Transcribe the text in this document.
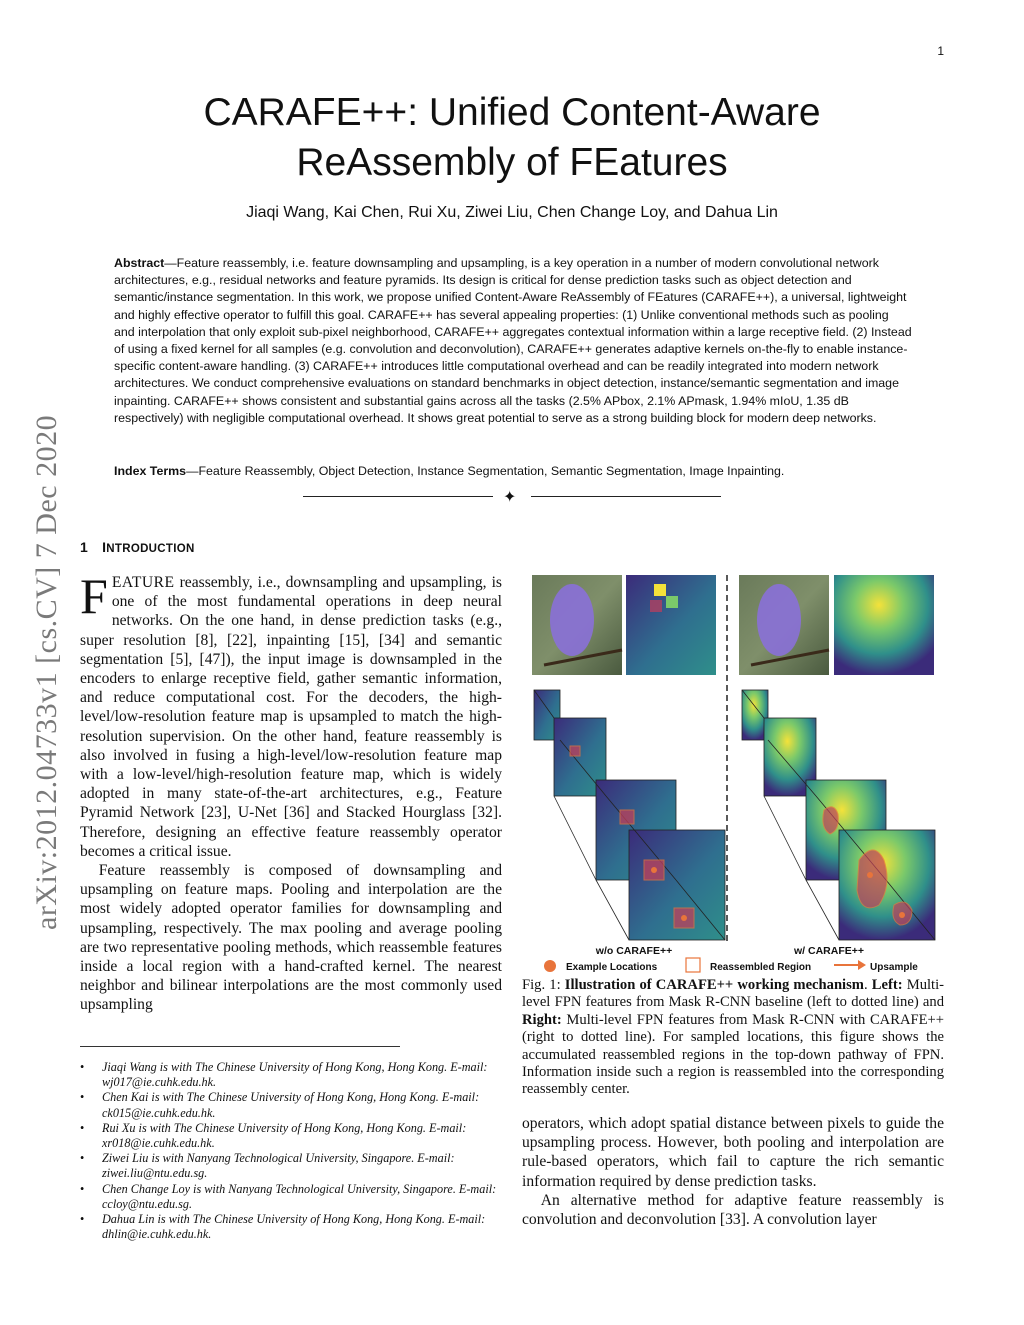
1
arXiv:2012.04733v1 [cs.CV] 7 Dec 2020
CARAFE++: Unified Content-Aware
ReAssembly of FEatures
Jiaqi Wang, Kai Chen, Rui Xu, Ziwei Liu, Chen Change Loy, and Dahua Lin
Abstract—Feature reassembly, i.e. feature downsampling and upsampling, is a key operation in a number of modern convolutional network architectures, e.g., residual networks and feature pyramids. Its design is critical for dense prediction tasks such as object detection and semantic/instance segmentation. In this work, we propose unified Content-Aware ReAssembly of FEatures (CARAFE++), a universal, lightweight and highly effective operator to fulfill this goal. CARAFE++ has several appealing properties: (1) Unlike conventional methods such as pooling and interpolation that only exploit sub-pixel neighborhood, CARAFE++ aggregates contextual information within a large receptive field. (2) Instead of using a fixed kernel for all samples (e.g. convolution and deconvolution), CARAFE++ generates adaptive kernels on-the-fly to enable instance-specific content-aware handling. (3) CARAFE++ introduces little computational overhead and can be readily integrated into modern network architectures. We conduct comprehensive evaluations on standard benchmarks in object detection, instance/semantic segmentation and image inpainting. CARAFE++ shows consistent and substantial gains across all the tasks (2.5% APbox, 2.1% APmask, 1.94% mIoU, 1.35 dB respectively) with negligible computational overhead. It shows great potential to serve as a strong building block for modern deep networks.
Index Terms—Feature Reassembly, Object Detection, Instance Segmentation, Semantic Segmentation, Image Inpainting.
✦
1 INTRODUCTION

FEATURE reassembly, i.e., downsampling and upsampling, is one of the most fundamental operations in deep neural networks. On the one hand, in dense prediction tasks (e.g., super resolution [8], [22], inpainting [15], [34] and semantic segmentation [5], [47]), the input image is downsampled in the encoders to enlarge receptive field, gather semantic information, and reduce computational cost. For the decoders, the high-level/low-resolution feature map is upsampled to match the high-resolution supervision. On the other hand, feature reassembly is also involved in fusing a high-level/low-resolution feature map with a low-level/high-resolution feature map, which is widely adopted in many state-of-the-art architectures, e.g., Feature Pyramid Network [23], U-Net [36] and Stacked Hourglass [32]. Therefore, designing an effective feature reassembly operator becomes a critical issue.

Feature reassembly is composed of downsampling and upsampling on feature maps. Pooling and interpolation are the most widely adopted operator families for downsampling and upsampling, respectively. The max pooling and average pooling are two representative pooling methods, which reassemble features inside a local region with a hand-crafted kernel. The nearest neighbor and bilinear interpolations are the most commonly used upsampling

• Jiaqi Wang is with The Chinese University of Hong Kong, Hong Kong. E-mail: wj017@ie.cuhk.edu.hk.
• Chen Kai is with The Chinese University of Hong Kong, Hong Kong. E-mail: ck015@ie.cuhk.edu.hk.
• Rui Xu is with The Chinese University of Hong Kong, Hong Kong. E-mail: xr018@ie.cuhk.edu.hk.
• Ziwei Liu is with Nanyang Technological University, Singapore. E-mail: ziwei.liu@ntu.edu.sg.
• Chen Change Loy is with Nanyang Technological University, Singapore. E-mail: ccloy@ntu.edu.sg.
• Dahua Lin is with The Chinese University of Hong Kong, Hong Kong. E-mail: dhlin@ie.cuhk.edu.hk.
w/o CARAFE++	w/ CARAFE++
Example Locations	Reassembled Region	Upsample
Fig. 1: Illustration of CARAFE++ working mechanism. Left: Multi-level FPN features from Mask R-CNN baseline (left to dotted line) and Right: Multi-level FPN features from Mask R-CNN with CARAFE++(right to dotted line). For sampled locations, this figure shows the accumulated reassembled regions in the top-down pathway of FPN. Information inside such a region is reassembled into the corresponding reassembly center.

operators, which adopt spatial distance between pixels to guide the upsampling process. However, both pooling and interpolation are rule-based operators, which fail to capture the rich semantic information required by dense prediction tasks.

An alternative method for adaptive feature reassembly is convolution and deconvolution [33]. A convolution layer
